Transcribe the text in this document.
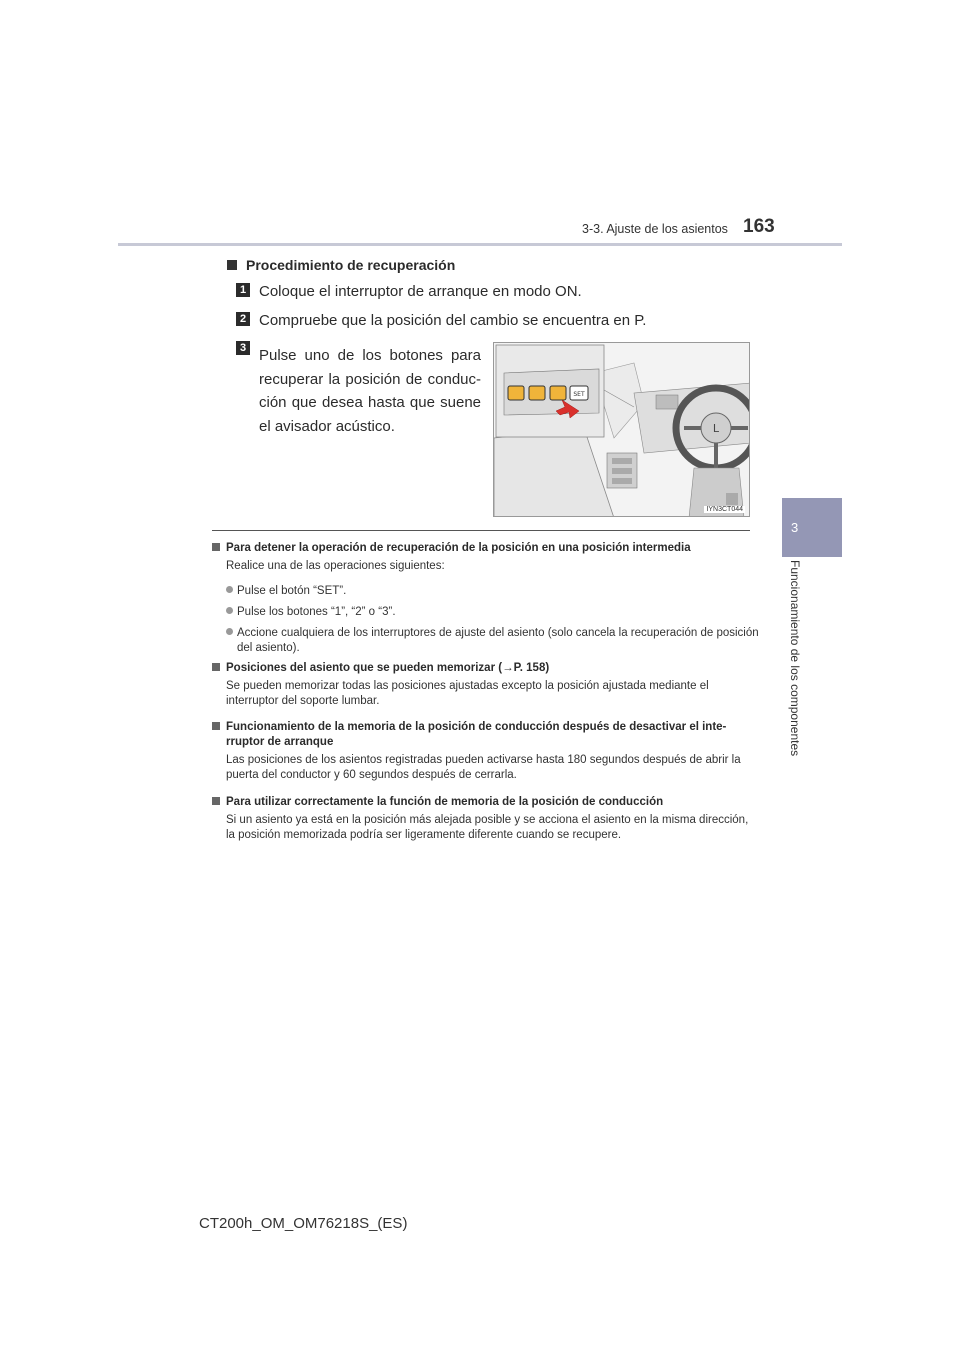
3-3. Ajuste de los asientos 163
3
Funcionamiento de los componentes
Procedimiento de recuperación
1 Coloque el interruptor de arranque en modo ON.
2 Compruebe que la posición del cambio se encuentra en P.
3 Pulse uno de los botones para recuperar la posición de conduc-ción que desea hasta que suene el avisador acústico.	L
SET
IYN3CT044
Para detener la operación de recuperación de la posición en una posición intermedia
Realice una de las operaciones siguientes:
Pulse el botón “SET”.
Pulse los botones “1”, “2” o “3”.
Accione cualquiera de los interruptores de ajuste del asiento (solo cancela la recuperación de posición del asiento).
Posiciones del asiento que se pueden memorizar (→P. 158)
Se pueden memorizar todas las posiciones ajustadas excepto la posición ajustada mediante el interruptor del soporte lumbar.
Funcionamiento de la memoria de la posición de conducción después de desactivar el inte-rruptor de arranque
Las posiciones de los asientos registradas pueden activarse hasta 180 segundos después de abrir la puerta del conductor y 60 segundos después de cerrarla.
Para utilizar correctamente la función de memoria de la posición de conducción
Si un asiento ya está en la posición más alejada posible y se acciona el asiento en la misma dirección, la posición memorizada podría ser ligeramente diferente cuando se recupere.
CT200h_OM_OM76218S_(ES)
